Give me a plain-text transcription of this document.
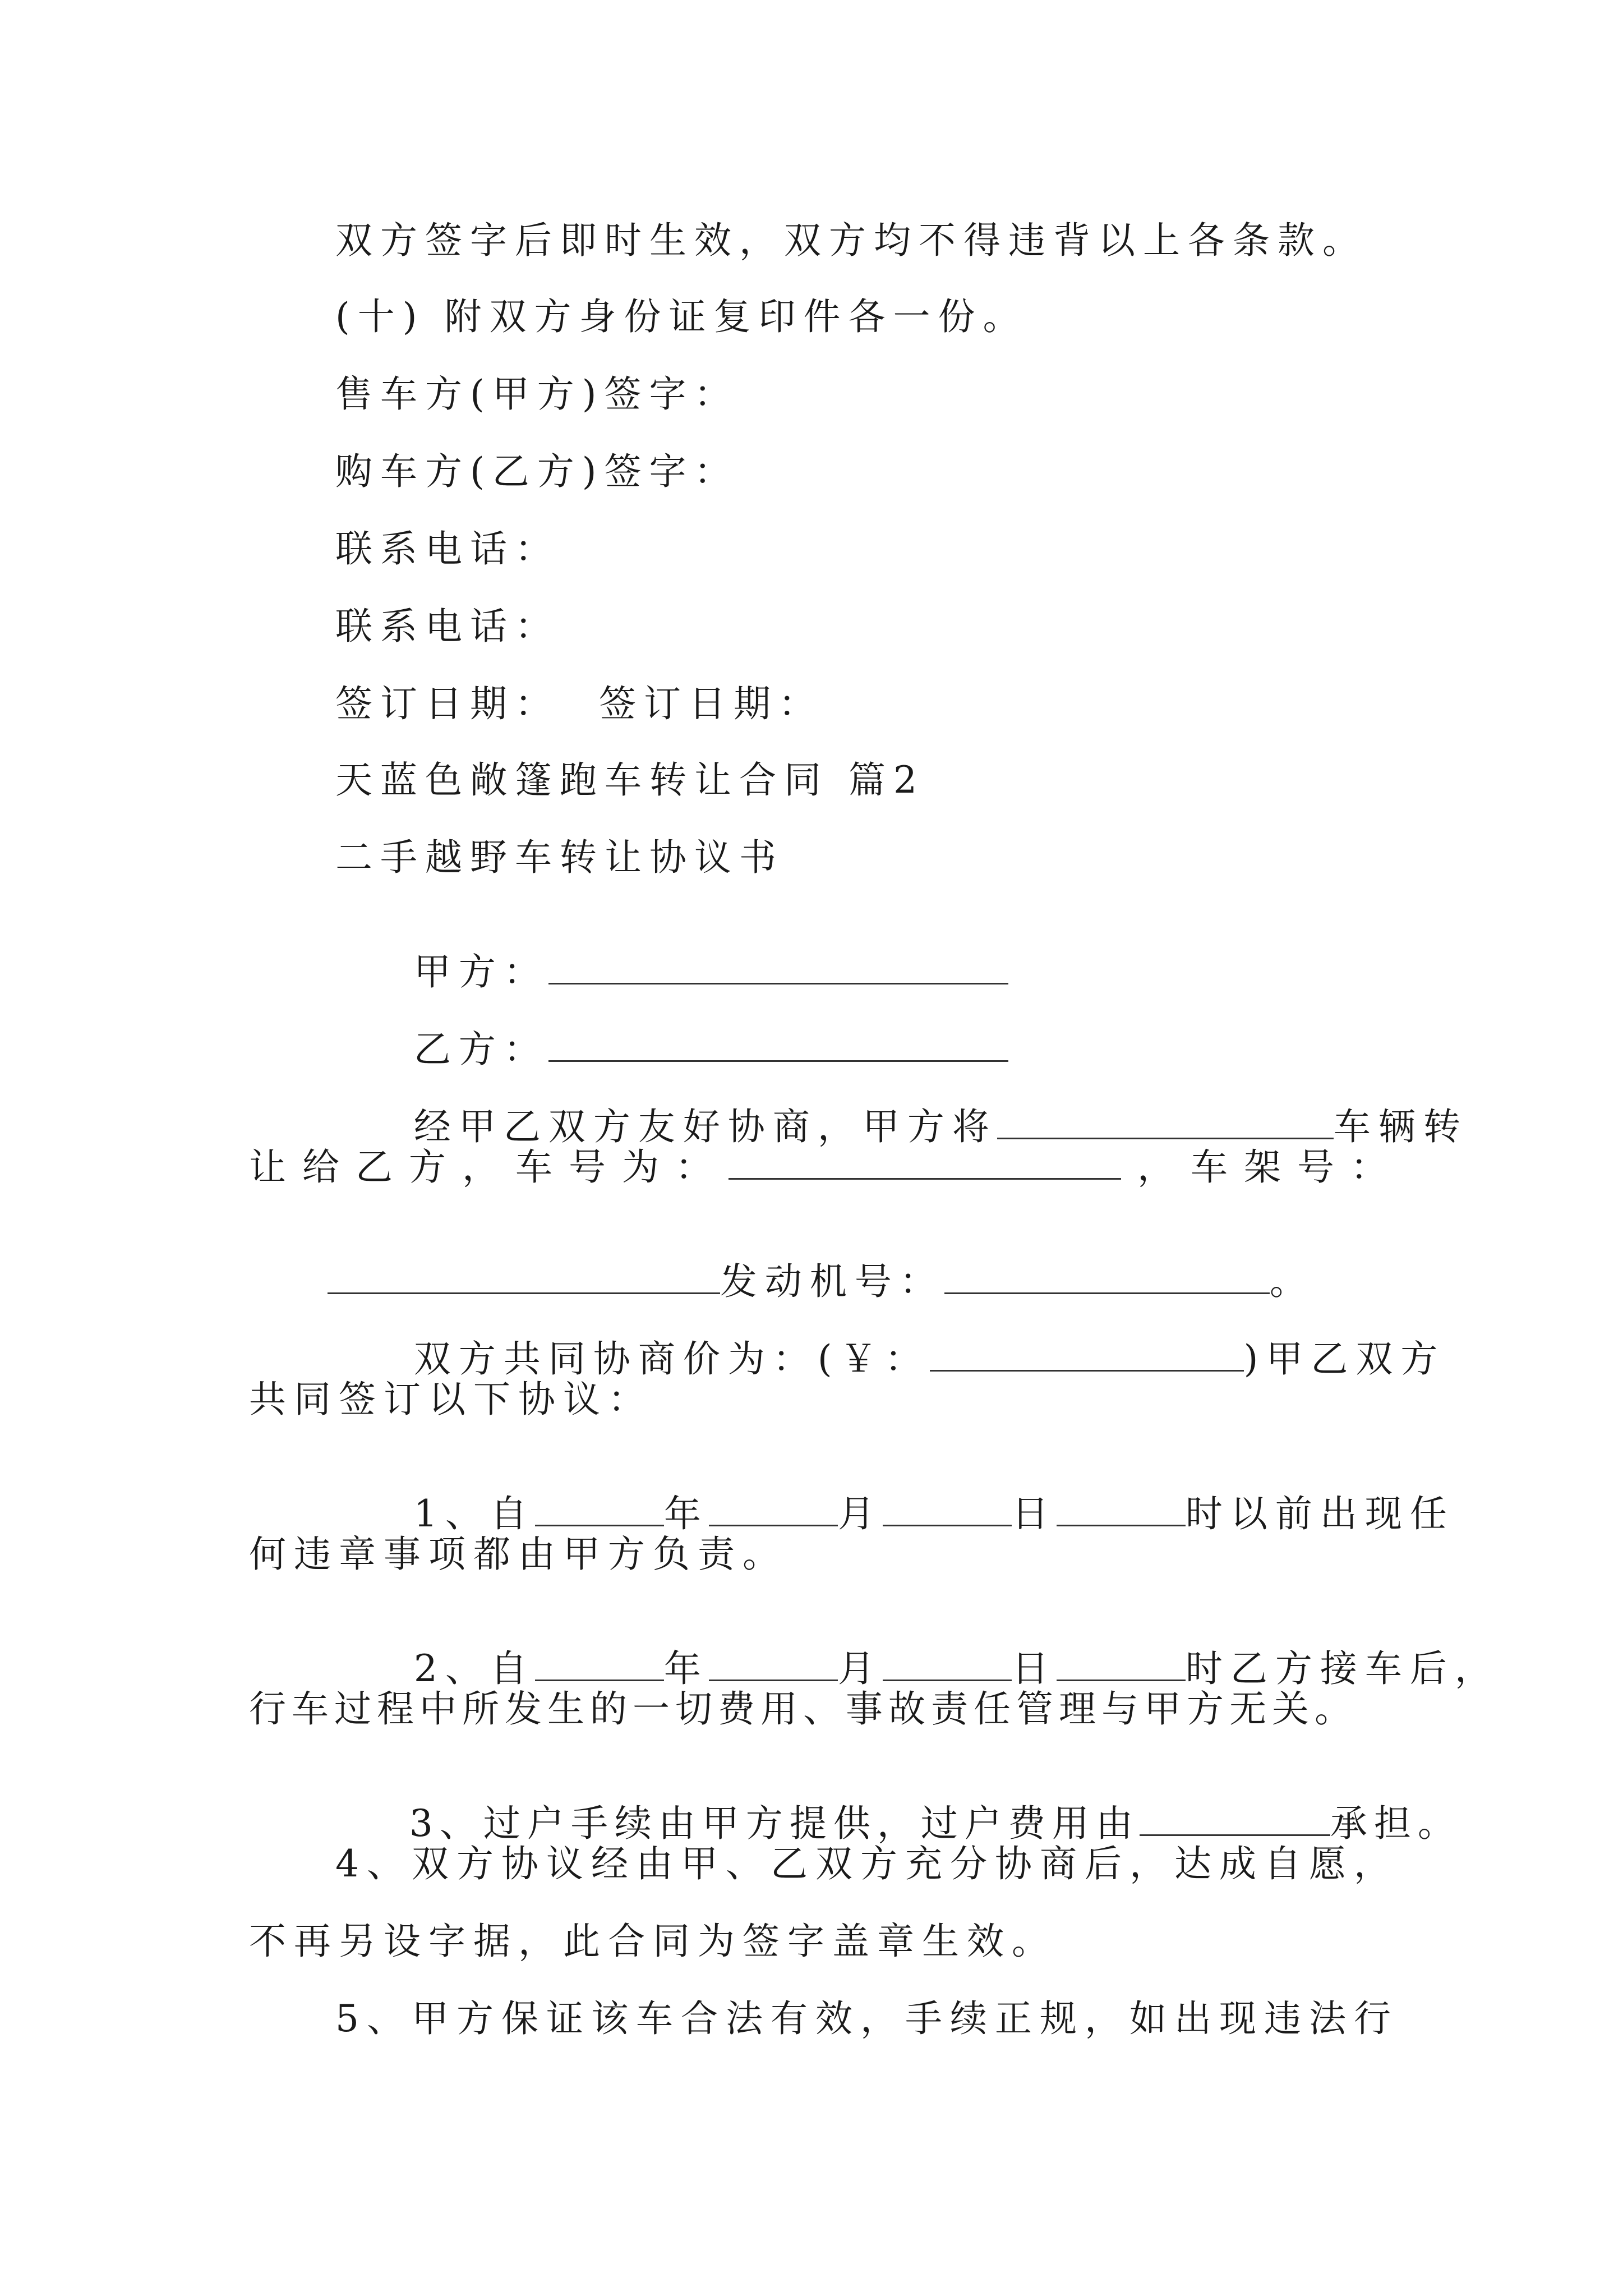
双方签字后即时生效，双方均不得违背以上各条款。
(十) 附双方身份证复印件各一份。
售车方(甲方)签字：
购车方(乙方)签字：
联系电话：
联系电话：
签订日期：  签订日期：
天蓝色敞篷跑车转让合同 篇2
二手越野车转让协议书

甲方：

乙方：

经甲乙双方友好协商，甲方将	车辆转

让 给 乙 方 ， 车 号 为 ：	， 车 架 号 ：

发动机号：	。

双方共同协商价为：(￥：	)甲乙双方

共同签订以下协议：

1、自	年	月	日	时以前出现任

何违章事项都由甲方负责。

2、自	年	月	日	时乙方接车后，

行车过程中所发生的一切费用、事故责任管理与甲方无关。

3、过户手续由甲方提供，过户费用由	承担。

4、双方协议经由甲、乙双方充分协商后，达成自愿，
不再另设字据，此合同为签字盖章生效。
5、甲方保证该车合法有效，手续正规，如出现违法行
